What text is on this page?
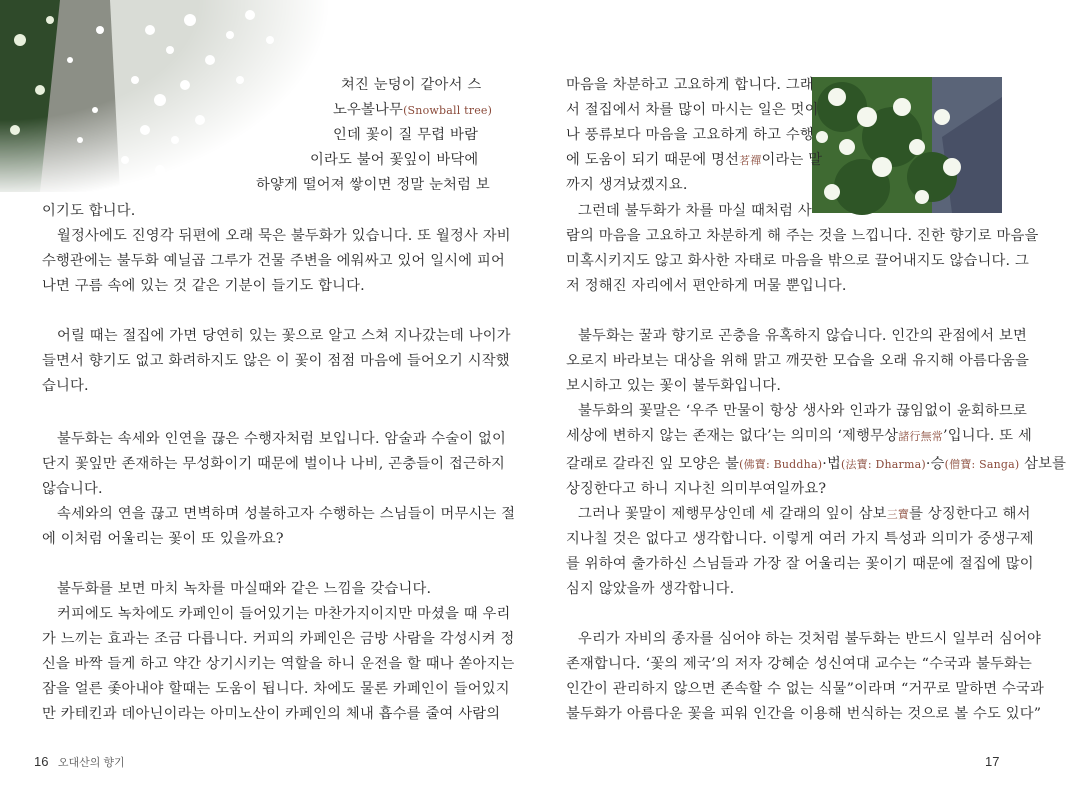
쳐진 눈덩이 같아서 스
노우볼나무(Snowball tree)
인데 꽃이 질 무렵 바람
이라도 불어 꽃잎이 바닥에
하얗게 떨어져 쌓이면 정말 눈처럼 보
이기도 합니다.
월정사에도 진영각 뒤편에 오래 묵은 불두화가 있습니다. 또 월정사 자비
수행관에는 불두화 예닐곱 그루가 건물 주변을 에워싸고 있어 일시에 피어
나면 구름 속에 있는 것 같은 기분이 들기도 합니다.
어릴 때는 절집에 가면 당연히 있는 꽃으로 알고 스쳐 지나갔는데 나이가
들면서 향기도 없고 화려하지도 않은 이 꽃이 점점 마음에 들어오기 시작했
습니다.
불두화는 속세와 인연을 끊은 수행자처럼 보입니다. 암술과 수술이 없이
단지 꽃잎만 존재하는 무성화이기 때문에 벌이나 나비, 곤충들이 접근하지
않습니다.
속세와의 연을 끊고 면벽하며 성불하고자 수행하는 스님들이 머무시는 절
에 이처럼 어울리는 꽃이 또 있을까요?
불두화를 보면 마치 녹차를 마실때와 같은 느낌을 갖습니다.
커피에도 녹차에도 카페인이 들어있기는 마찬가지이지만 마셨을 때 우리
가 느끼는 효과는 조금 다릅니다. 커피의 카페인은 금방 사람을 각성시켜 정
신을 바짝 들게 하고 약간 상기시키는 역할을 하니 운전을 할 때나 쏟아지는
잠을 얼른 좇아내야 할때는 도움이 됩니다. 차에도 물론 카페인이 들어있지
만 카테킨과 데아닌이라는 아미노산이 카페인의 체내 흡수를 줄여 사람의
16 오대산의 향기
마음을 차분하고 고요하게 합니다. 그래
서 절집에서 차를 많이 마시는 일은 멋이
나 풍류보다 마음을 고요하게 하고 수행
에 도움이 되기 때문에 명선茗禪이라는 말
까지 생겨났겠지요.
그런데 불두화가 차를 마실 때처럼 사
람의 마음을 고요하고 차분하게 해 주는 것을 느낍니다. 진한 향기로 마음을
미혹시키지도 않고 화사한 자태로 마음을 밖으로 끌어내지도 않습니다. 그
저 정해진 자리에서 편안하게 머물 뿐입니다.
불두화는 꿀과 향기로 곤충을 유혹하지 않습니다. 인간의 관점에서 보면
오로지 바라보는 대상을 위해 맑고 깨끗한 모습을 오래 유지해 아름다움을
보시하고 있는 꽃이 불두화입니다.
불두화의 꽃말은 ‘우주 만물이 항상 생사와 인과가 끊임없이 윤회하므로
세상에 변하지 않는 존재는 없다’는 의미의 ‘제행무상諸行無常’입니다. 또 세
갈래로 갈라진 잎 모양은 불(佛寶: Buddha)·법(法寶: Dharma)·승(僧寶: Sanga) 삼보를
상징한다고 하니 지나친 의미부여일까요?
그러나 꽃말이 제행무상인데 세 갈래의 잎이 삼보三寶를 상징한다고 해서
지나칠 것은 없다고 생각합니다. 이렇게 여러 가지 특성과 의미가 중생구제
를 위하여 출가하신 스님들과 가장 잘 어울리는 꽃이기 때문에 절집에 많이
심지 않았을까 생각합니다.
우리가 자비의 종자를 심어야 하는 것처럼 불두화는 반드시 일부러 심어야
존재합니다. ‘꽃의 제국’의 저자 강혜순 성신여대 교수는 “수국과 불두화는
인간이 관리하지 않으면 존속할 수 없는 식물”이라며 “거꾸로 말하면 수국과
불두화가 아름다운 꽃을 피워 인간을 이용해 번식하는 것으로 볼 수도 있다”
17
